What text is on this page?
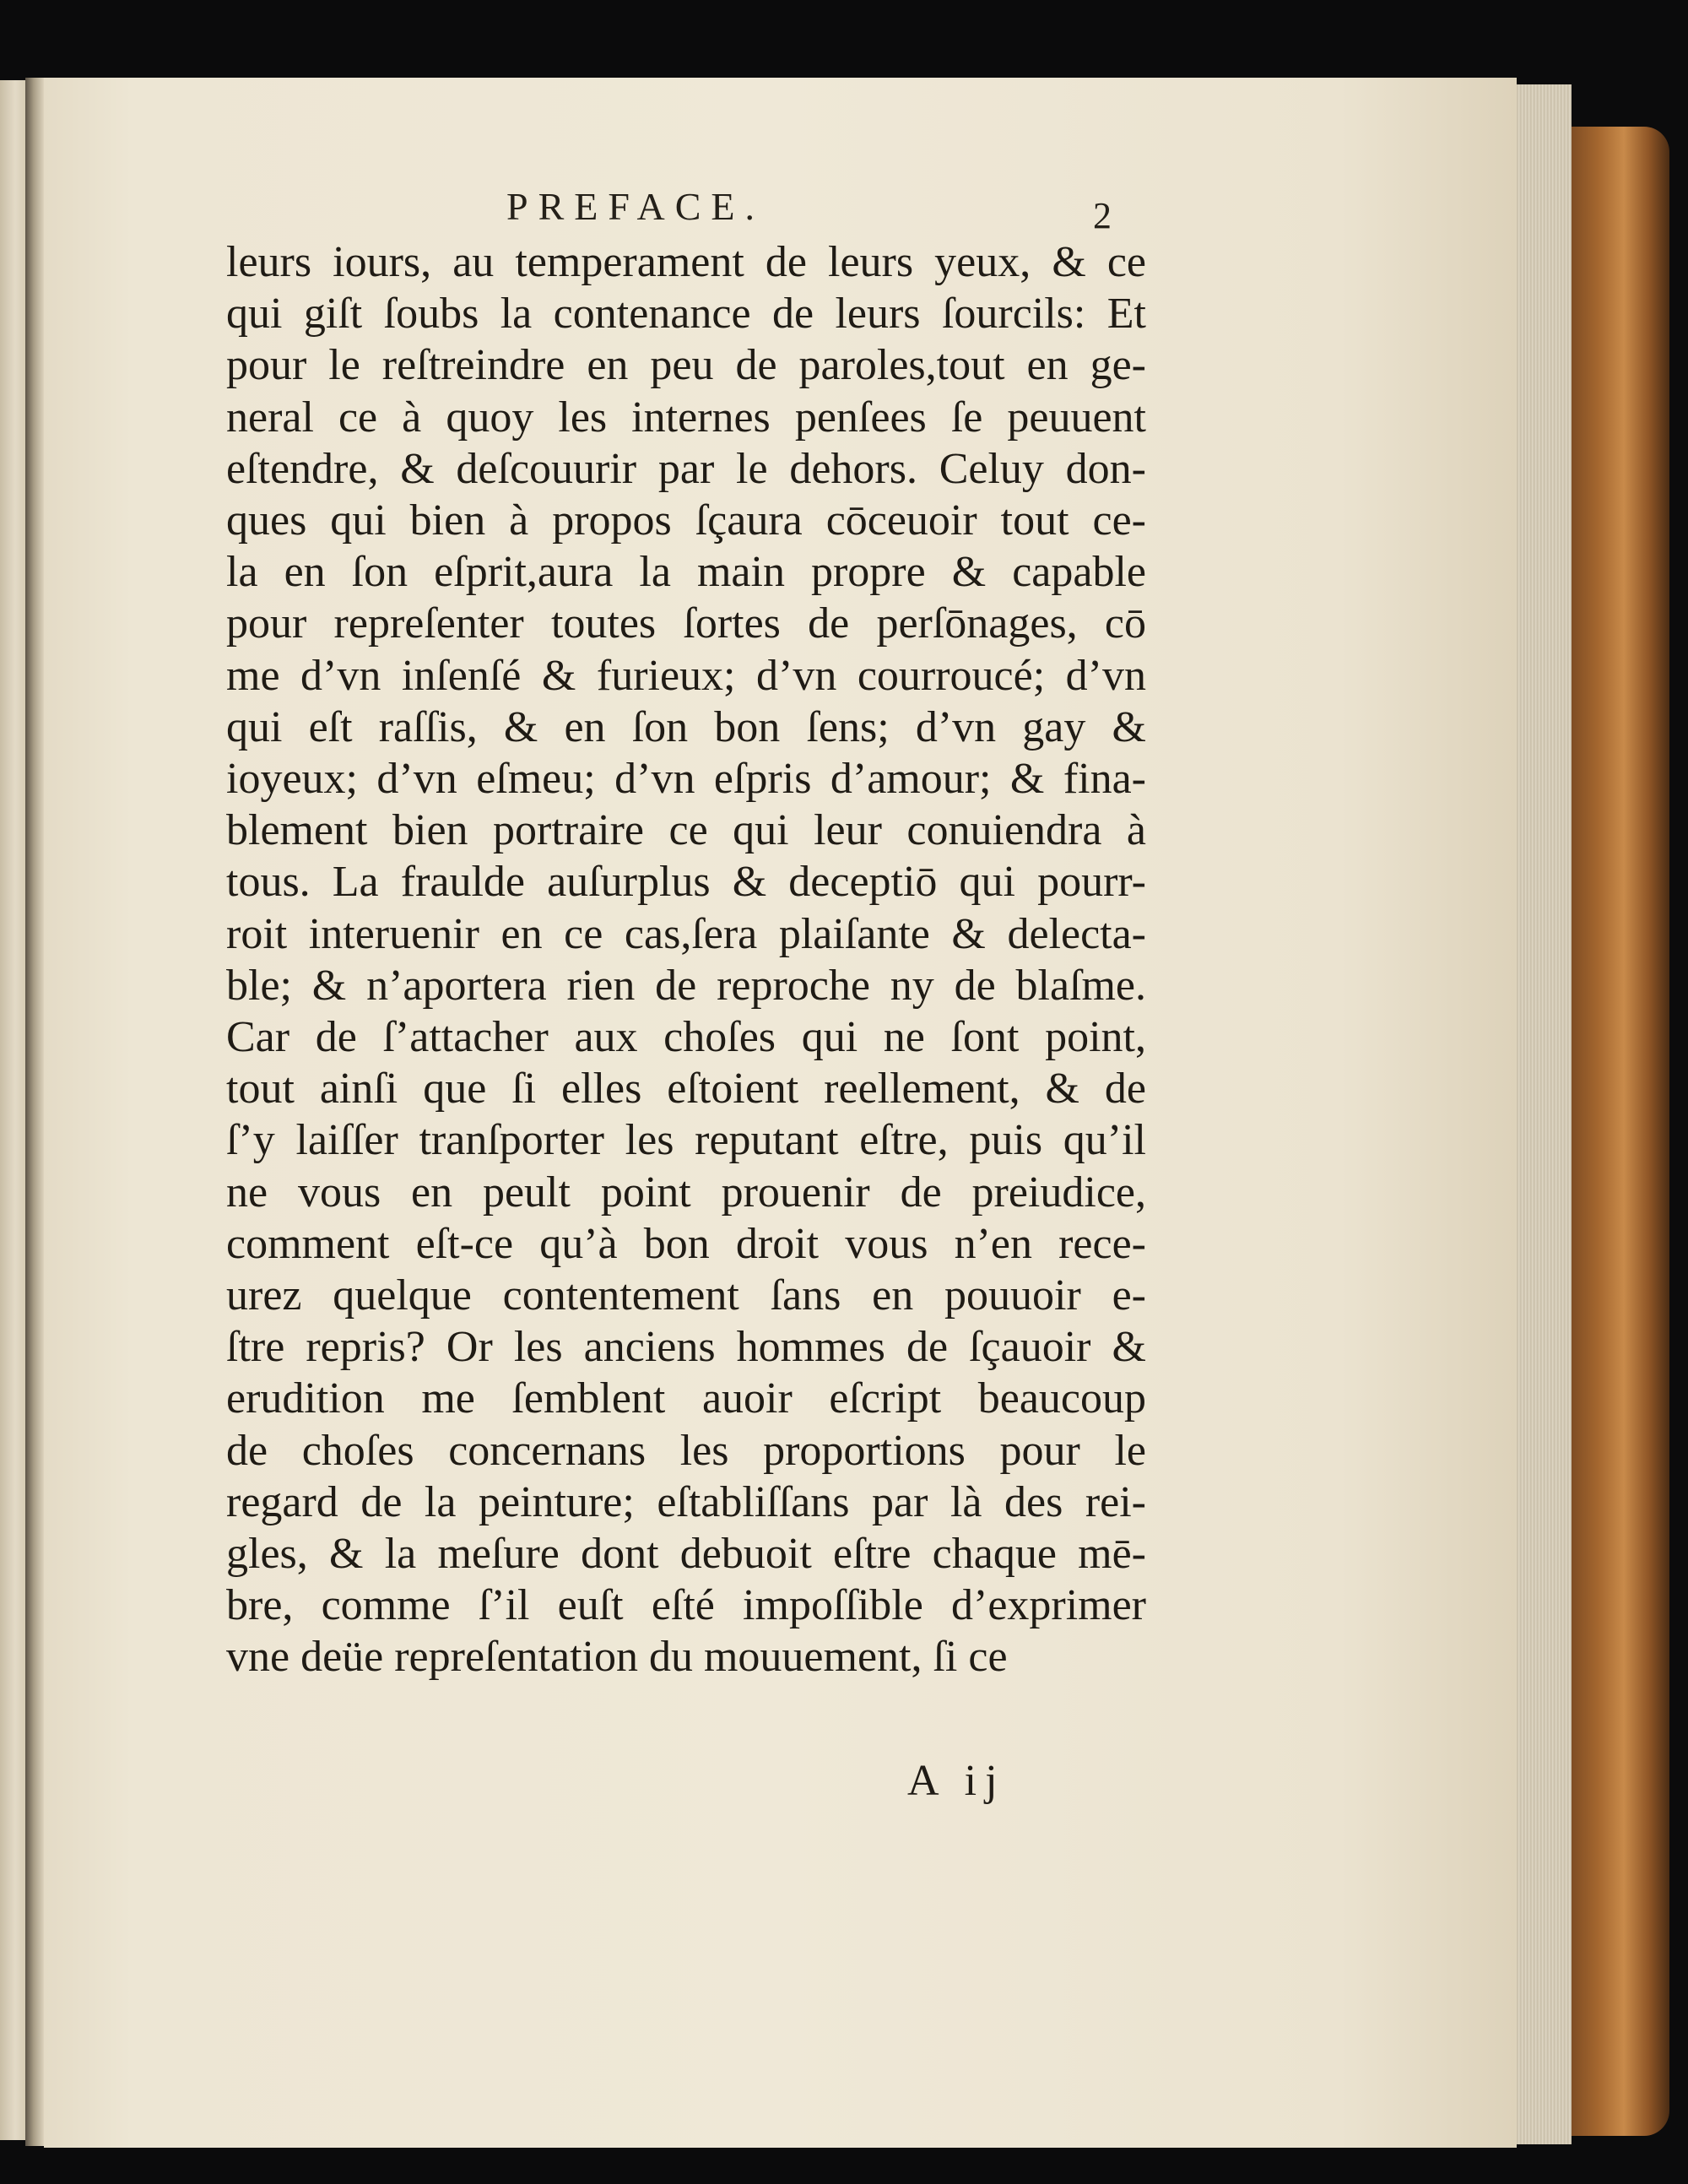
PREFACE.	2
leurs iours, au temperament de leurs yeux, & ce
qui giſt ſoubs la contenance de leurs ſourcils: Et
pour le reſtreindre en peu de paroles,tout en ge-
neral ce à quoy les internes penſees ſe peuuent
eſtendre, & deſcouurir par le dehors. Celuy don-
ques qui bien à propos ſçaura cōceuoir tout ce-
la en ſon eſprit,aura la main propre & capable
pour repreſenter toutes ſortes de perſōnages, cō
me d’vn inſenſé & furieux; d’vn courroucé; d’vn
qui eſt raſſis, & en ſon bon ſens; d’vn gay &
ioyeux; d’vn eſmeu; d’vn eſpris d’amour; & fina-
blement bien portraire ce qui leur conuiendra à
tous. La fraulde auſurplus & deceptiō qui pourr-
roit interuenir en ce cas,ſera plaiſante & delecta-
ble; & n’aportera rien de reproche ny de blaſme.
Car de ſ’attacher aux choſes qui ne ſont point,
tout ainſi que ſi elles eſtoient reellement, & de
ſ’y laiſſer tranſporter les reputant eſtre, puis qu’il
ne vous en peult point prouenir de preiudice,
comment eſt-ce qu’à bon droit vous n’en rece-
urez quelque contentement ſans en pouuoir e-
ſtre repris? Or les anciens hommes de ſçauoir &
erudition me ſemblent auoir eſcript beaucoup
de choſes concernans les proportions pour le
regard de la peinture; eſtabliſſans par là des rei-
gles, & la meſure dont debuoit eſtre chaque mē-
bre, comme ſ’il euſt eſté impoſſible d’exprimer
vne deüe repreſentation du mouuement, ſi ce
A ij
